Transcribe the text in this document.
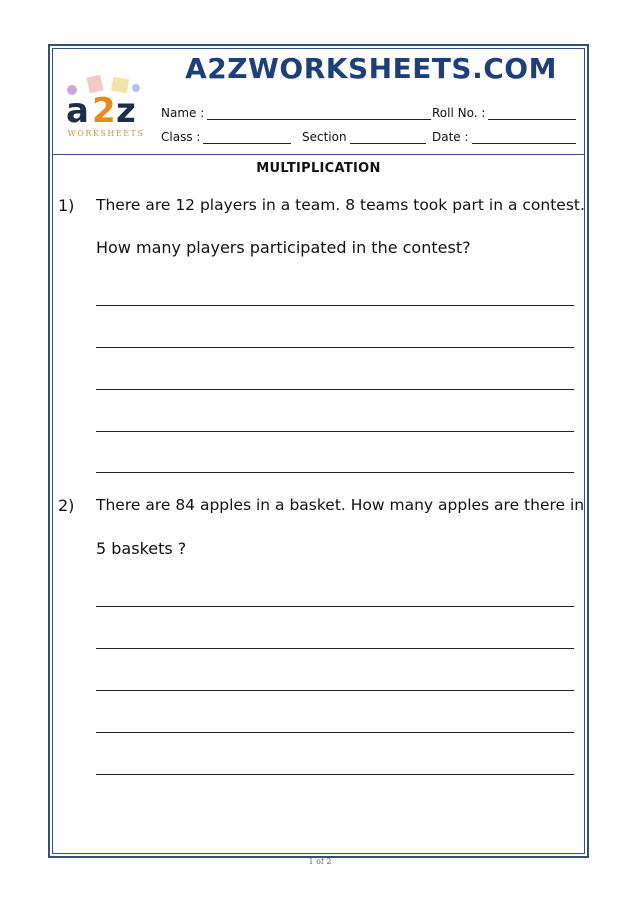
a 2 z
WORKSHEETS
A2ZWORKSHEETS.COM
Name :	Roll No. :
Class :	Section	Date :
MULTIPLICATION
1) There are 12 players in a team. 8 teams took part in a contest.
How many players participated in the contest?
2) There are 84 apples in a basket. How many apples are there in
5 baskets ?
1 of 2
